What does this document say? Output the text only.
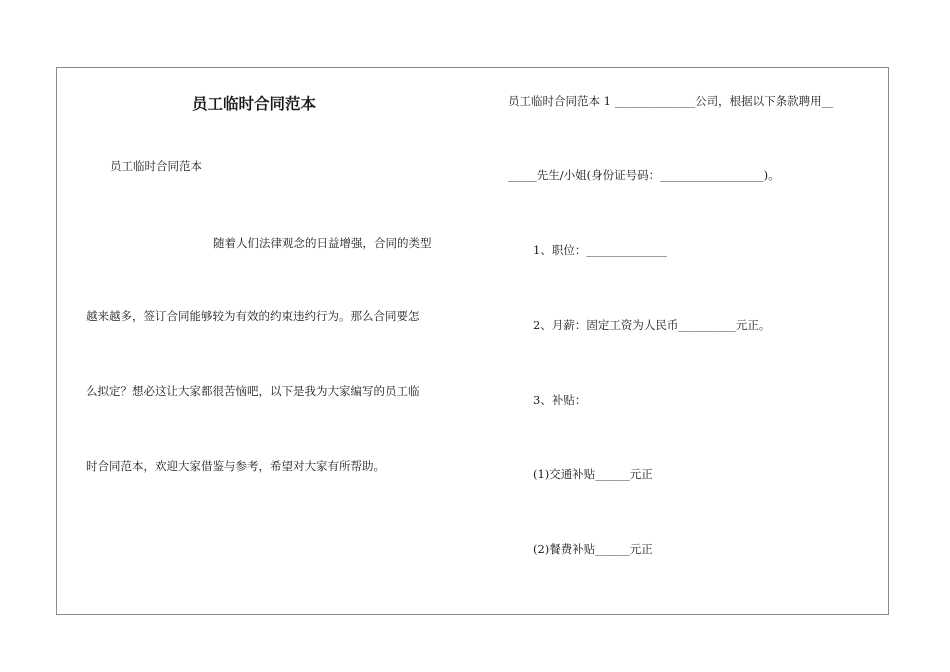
员工临时合同范本
员工临时合同范本
随着人们法律观念的日益增强，合同的类型
越来越多，签订合同能够较为有效的约束违约行为。那么合同要怎
么拟定？想必这让大家都很苦恼吧，以下是我为大家编写的员工临
时合同范本，欢迎大家借鉴与参考，希望对大家有所帮助。
员工临时合同范本 1 ______________公司，根据以下条款聘用__
_____先生/小姐(身份证号码：__________________)。
1、职位：______________
2、月薪：固定工资为人民币__________元正。
3、补贴：
(1)交通补贴______元正
(2)餐费补贴______元正
